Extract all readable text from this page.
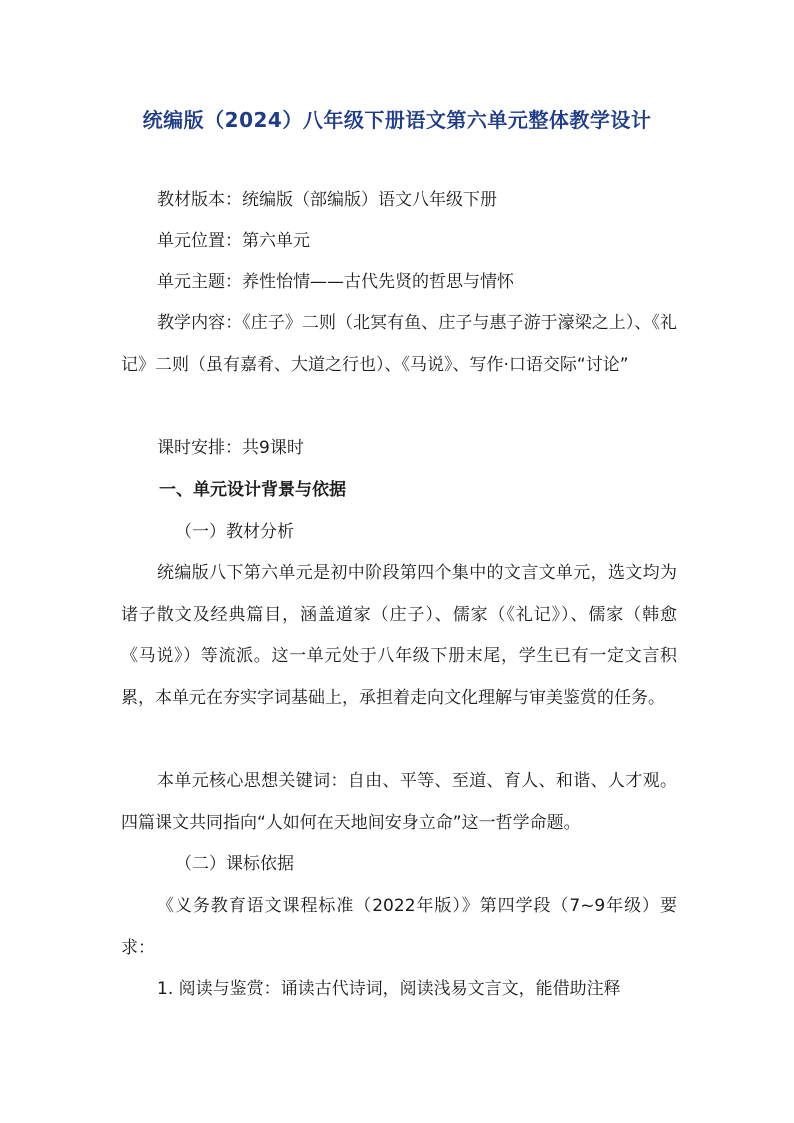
统编版（2024）八年级下册语文第六单元整体教学设计

教材版本：统编版（部编版）语文八年级下册

单元位置：第六单元

单元主题：养性怡情——古代先贤的哲思与情怀

教学内容：《庄子》二则（北冥有鱼、庄子与惠子游于濠梁之上）、《礼记》二则（虽有嘉肴、大道之行也）、《马说》、写作·口语交际“讨论”

课时安排：共9课时

一、单元设计背景与依据

（一）教材分析

统编版八下第六单元是初中阶段第四个集中的文言文单元，选文均为诸子散文及经典篇目，涵盖道家（庄子）、儒家（《礼记》）、儒家（韩愈《马说》）等流派。这一单元处于八年级下册末尾，学生已有一定文言积累，本单元在夯实字词基础上，承担着走向文化理解与审美鉴赏的任务。

本单元核心思想关键词：自由、平等、至道、育人、和谐、人才观。四篇课文共同指向“人如何在天地间安身立命”这一哲学命题。

（二）课标依据

《义务教育语文课程标准（2022年版）》第四学段（7~9年级）要求：

1. 阅读与鉴赏：诵读古代诗词，阅读浅易文言文，能借助注释
